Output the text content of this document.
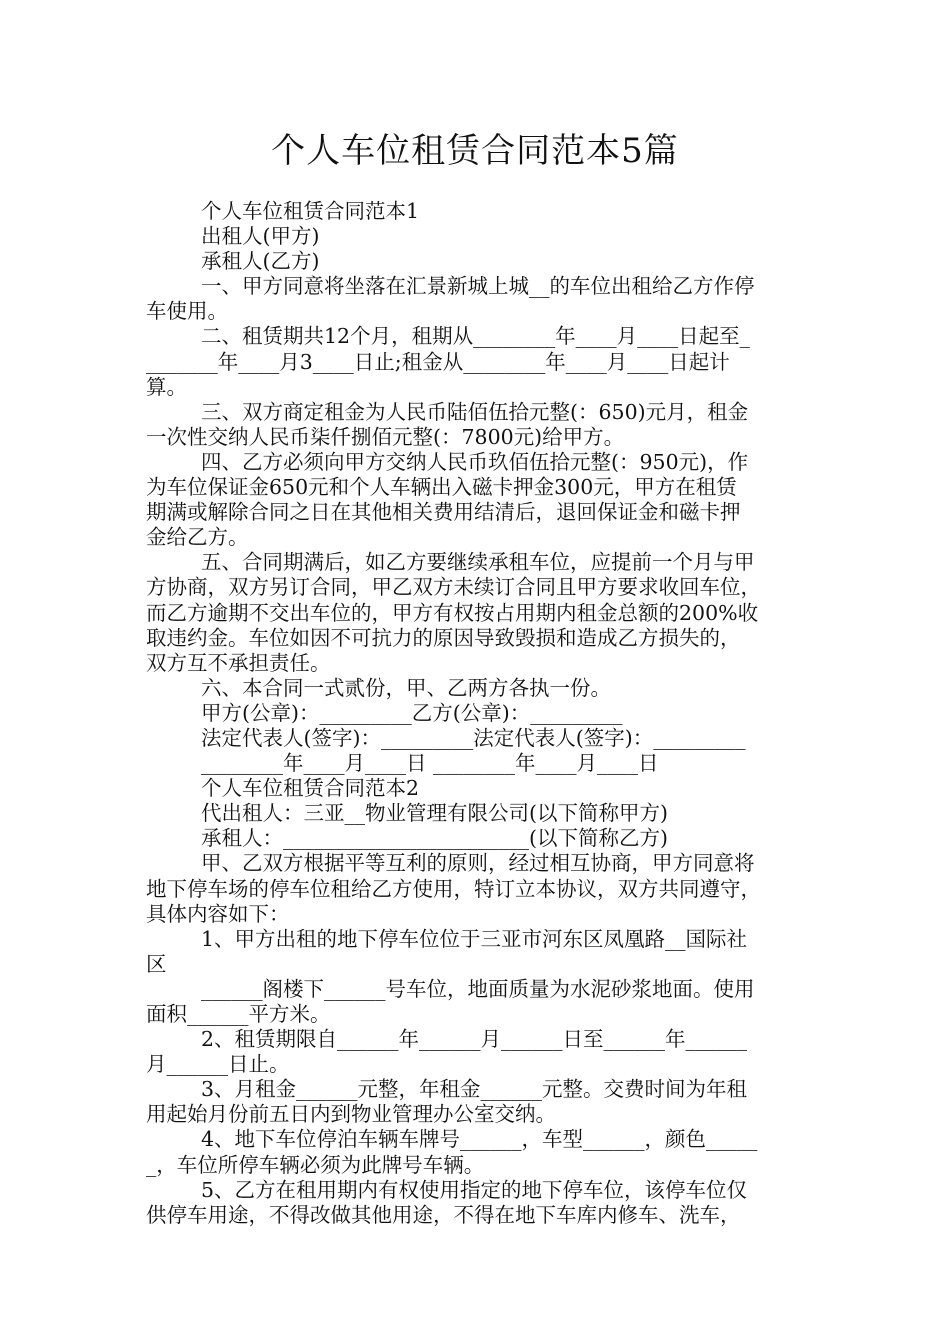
个人车位租赁合同范本5篇

个人车位租赁合同范本1

出租人(甲方)

承租人(乙方)

一、甲方同意将坐落在汇景新城上城__的车位出租给乙方作停

车使用。

二、租赁期共12个月，租期从________年____月____日起至_

_______年____月3____日止;租金从________年____月____日起计

算。

三、双方商定租金为人民币陆佰伍拾元整(：650)元月，租金

一次性交纳人民币柒仟捌佰元整(：7800元)给甲方。

四、乙方必须向甲方交纳人民币玖佰伍拾元整(：950元)，作

为车位保证金650元和个人车辆出入磁卡押金300元，甲方在租赁

期满或解除合同之日在其他相关费用结清后，退回保证金和磁卡押

金给乙方。

五、合同期满后，如乙方要继续承租车位，应提前一个月与甲

方协商，双方另订合同，甲乙双方未续订合同且甲方要求收回车位，

而乙方逾期不交出车位的，甲方有权按占用期内租金总额的200%收

取违约金。车位如因不可抗力的原因导致毁损和造成乙方损失的，

双方互不承担责任。

六、本合同一式贰份，甲、乙两方各执一份。

甲方(公章)：_________乙方(公章)：_________

法定代表人(签字)：_________法定代表人(签字)：_________

________年____月____日 ________年____月____日

个人车位租赁合同范本2

代出租人：三亚__物业管理有限公司(以下简称甲方)

承租人：________________________(以下简称乙方)

甲、乙双方根据平等互利的原则，经过相互协商，甲方同意将

地下停车场的停车位租给乙方使用，特订立本协议，双方共同遵守，

具体内容如下：

1、甲方出租的地下停车位位于三亚市河东区凤凰路__国际社

区

______阁楼下______号车位，地面质量为水泥砂浆地面。使用

面积______平方米。

2、租赁期限自______年______月______日至______年______

月______日止。

3、月租金______元整，年租金______元整。交费时间为年租

用起始月份前五日内到物业管理办公室交纳。

4、地下车位停泊车辆车牌号______，车型______，颜色_____

_，车位所停车辆必须为此牌号车辆。

5、乙方在租用期内有权使用指定的地下停车位，该停车位仅

供停车用途，不得改做其他用途，不得在地下车库内修车、洗车，
